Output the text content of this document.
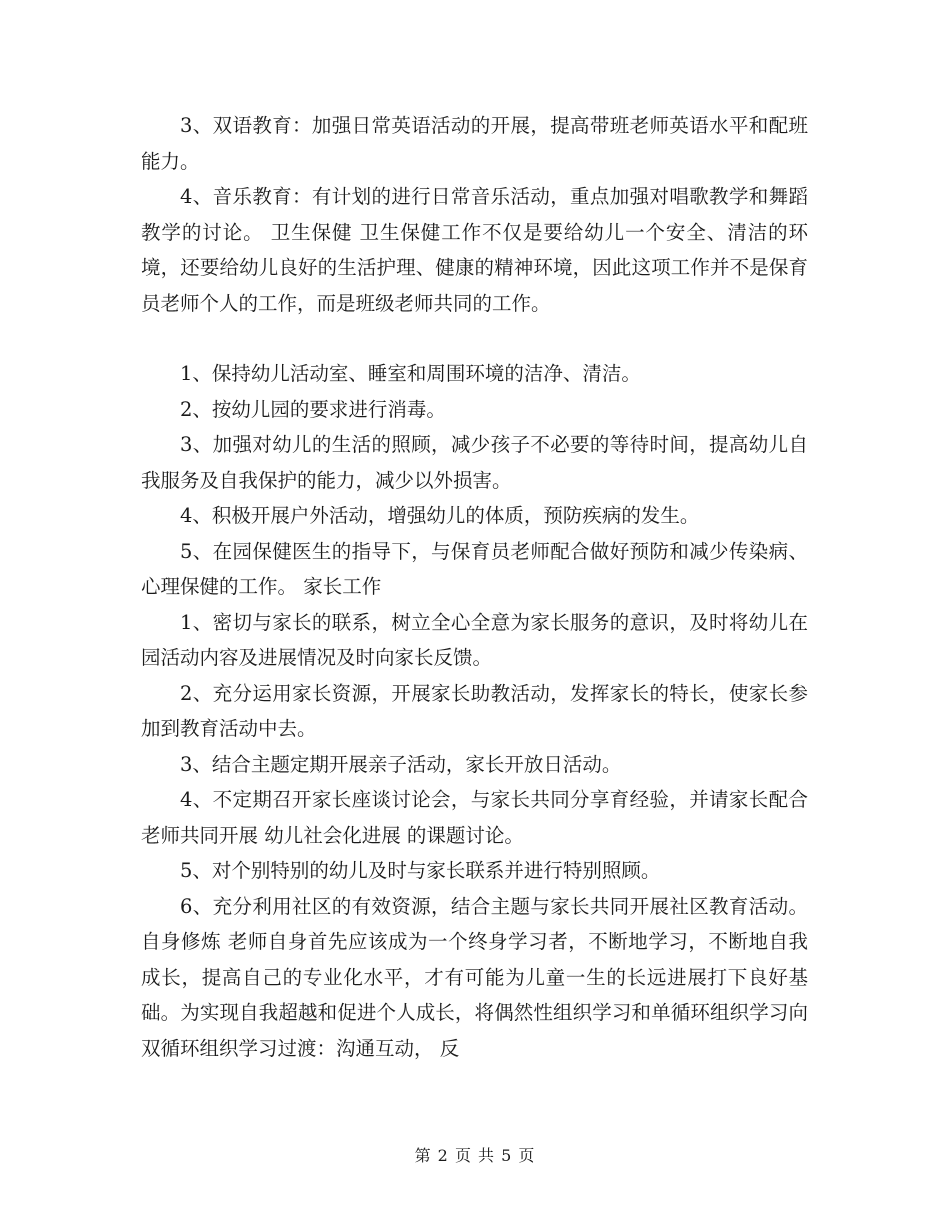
3、双语教育：加强日常英语活动的开展，提高带班老师英语水平和配班能力。

4、音乐教育：有计划的进行日常音乐活动，重点加强对唱歌教学和舞蹈教学的讨论。 卫生保健 卫生保健工作不仅是要给幼儿一个安全、清洁的环境，还要给幼儿良好的生活护理、健康的精神环境，因此这项工作并不是保育员老师个人的工作，而是班级老师共同的工作。

1、保持幼儿活动室、睡室和周围环境的洁净、清洁。

2、按幼儿园的要求进行消毒。

3、加强对幼儿的生活的照顾，减少孩子不必要的等待时间，提高幼儿自我服务及自我保护的能力，减少以外损害。

4、积极开展户外活动，增强幼儿的体质，预防疾病的发生。

5、在园保健医生的指导下，与保育员老师配合做好预防和减少传染病、心理保健的工作。 家长工作

1、密切与家长的联系，树立全心全意为家长服务的意识，及时将幼儿在园活动内容及进展情况及时向家长反馈。

2、充分运用家长资源，开展家长助教活动，发挥家长的特长，使家长参加到教育活动中去。

3、结合主题定期开展亲子活动，家长开放日活动。

4、不定期召开家长座谈讨论会，与家长共同分享育经验，并请家长配合老师共同开展 幼儿社会化进展 的课题讨论。

5、对个别特别的幼儿及时与家长联系并进行特别照顾。

6、充分利用社区的有效资源，结合主题与家长共同开展社区教育活动。 自身修炼 老师自身首先应该成为一个终身学习者，不断地学习，不断地自我成长，提高自己的专业化水平，才有可能为儿童一生的长远进展打下良好基础。为实现自我超越和促进个人成长，将偶然性组织学习和单循环组织学习向双循环组织学习过渡：沟通互动， 反

第 2 页 共 5 页
